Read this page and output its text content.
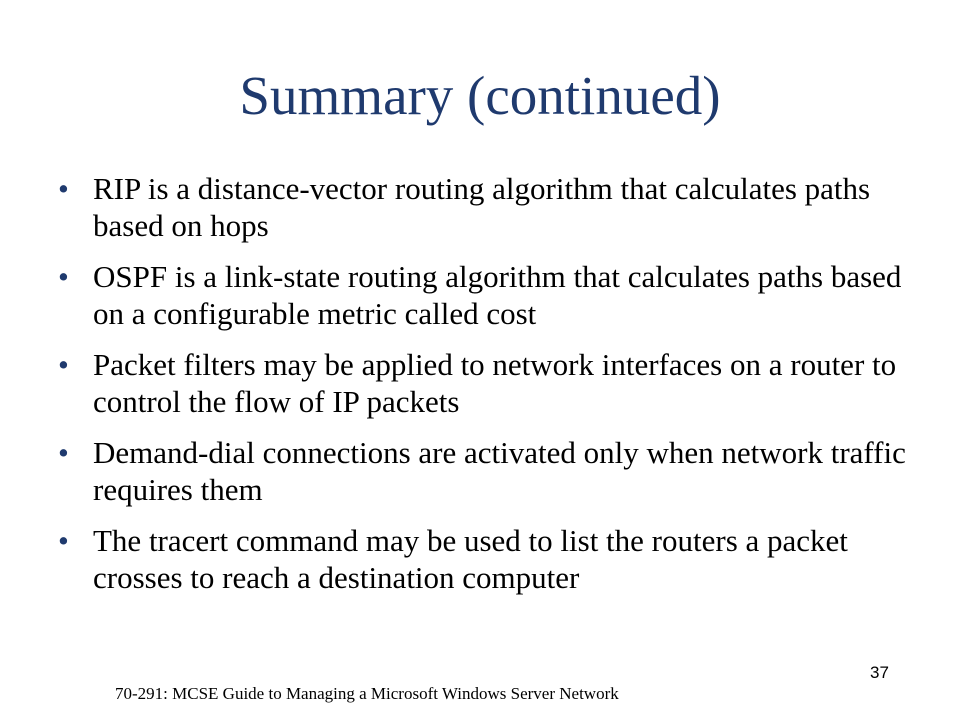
Summary (continued)
• RIP is a distance-vector routing algorithm that calculates paths based on hops
• OSPF is a link-state routing algorithm that calculates paths based on a configurable metric called cost
• Packet filters may be applied to network interfaces on a router to control the flow of IP packets
• Demand-dial connections are activated only when network traffic requires them
• The tracert command may be used to list the routers a packet crosses to reach a destination computer
37
70-291: MCSE Guide to Managing a Microsoft Windows Server Network
